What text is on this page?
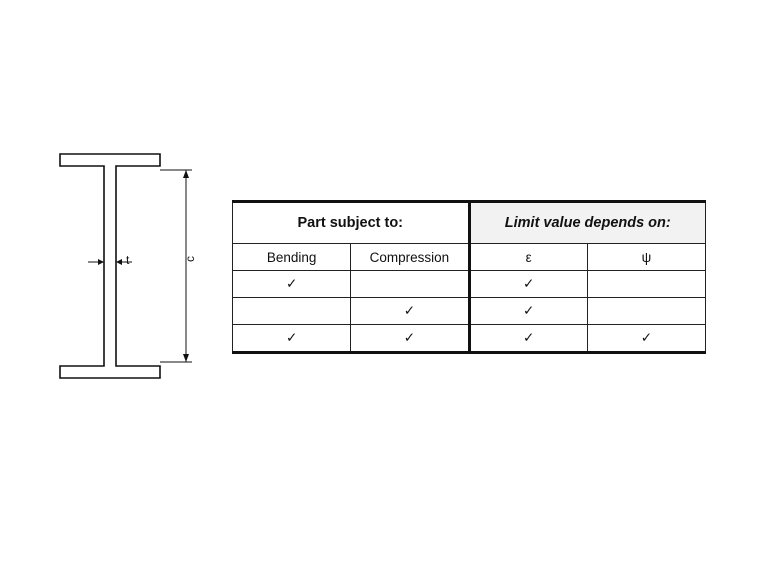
t	c
Part subject to:		Limit value depends on:	
Bending	Compression	ε	ψ
✓		✓	
	✓	✓	
✓	✓	✓	✓
